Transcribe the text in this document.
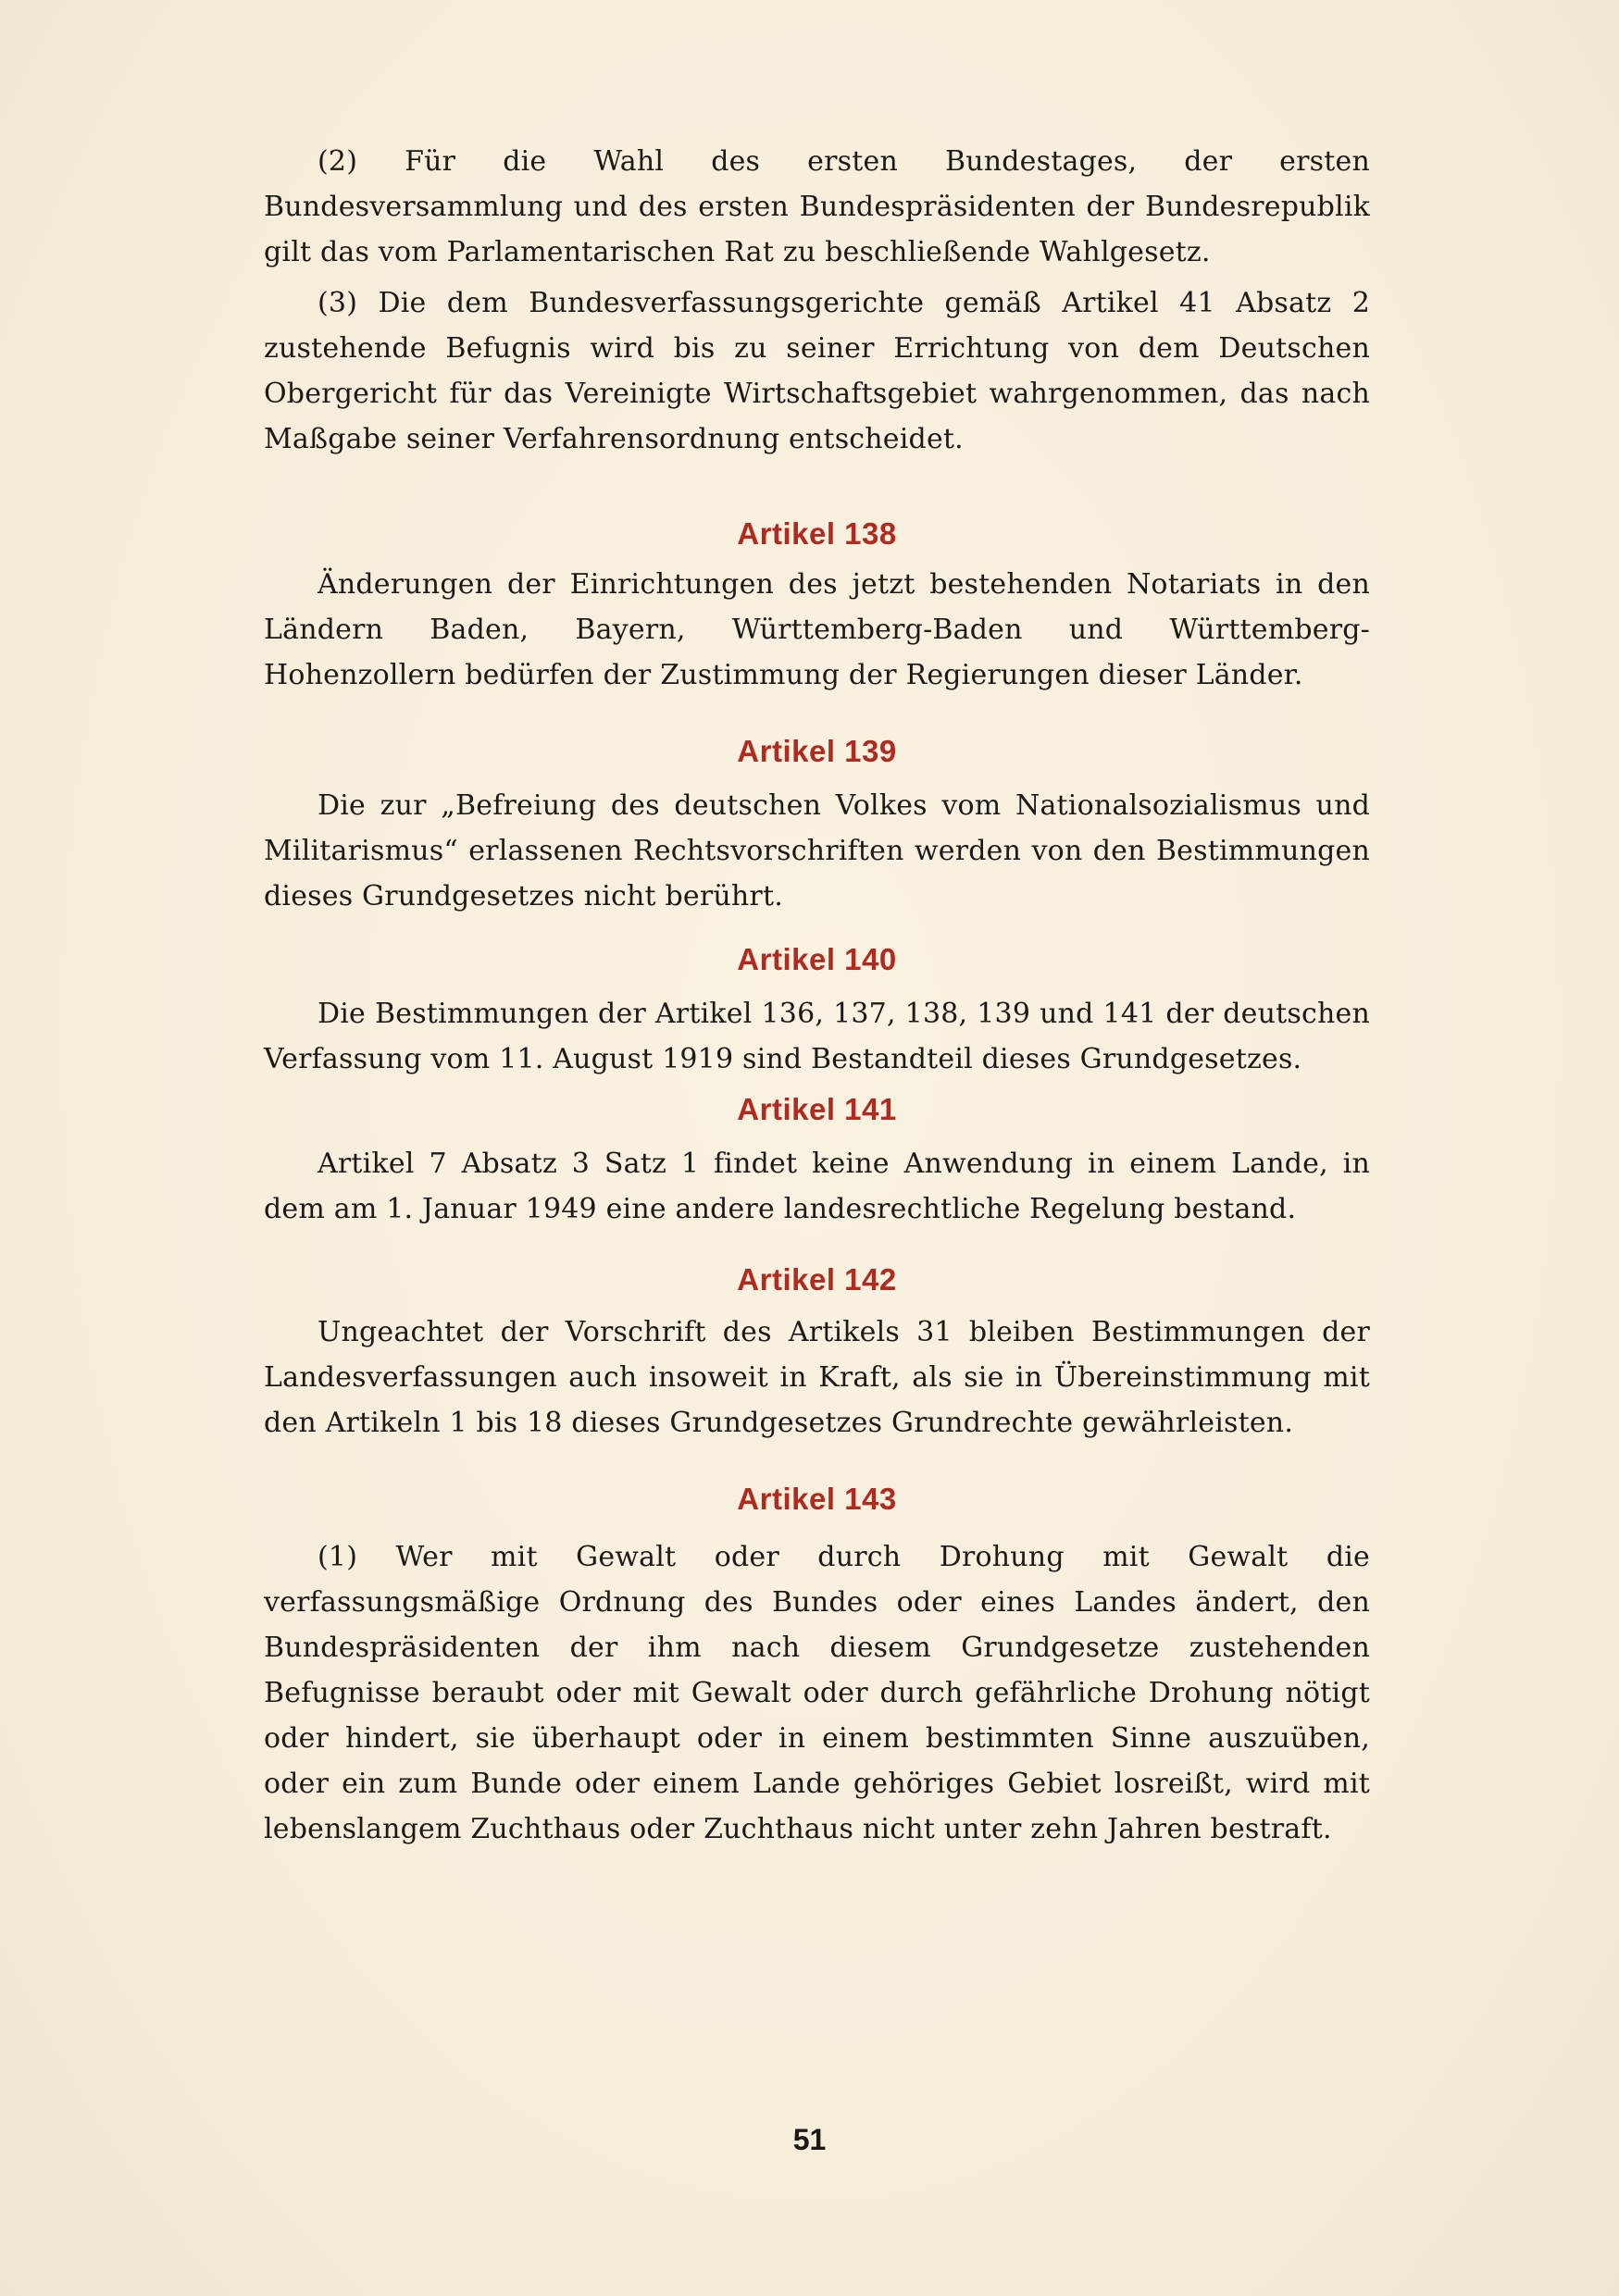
(2) Für die Wahl des ersten Bundestages, der ersten Bundesversammlung und des ersten Bundespräsidenten der Bundesrepublik gilt das vom Parlamentarischen Rat zu beschließende Wahlgesetz.

(3) Die dem Bundesverfassungsgerichte gemäß Artikel 41 Absatz 2 zustehende Befugnis wird bis zu seiner Errichtung von dem Deutschen Obergericht für das Vereinigte Wirtschaftsgebiet wahrgenommen, das nach Maßgabe seiner Verfahrensordnung entscheidet.

Artikel 138

Änderungen der Einrichtungen des jetzt bestehenden Notariats in den Ländern Baden, Bayern, Württemberg-Baden und Württemberg-Hohenzollern bedürfen der Zustimmung der Regierungen dieser Länder.

Artikel 139

Die zur „Befreiung des deutschen Volkes vom Nationalsozialismus und Militarismus“ erlassenen Rechtsvorschriften werden von den Bestimmungen dieses Grundgesetzes nicht berührt.

Artikel 140

Die Bestimmungen der Artikel 136, 137, 138, 139 und 141 der deutschen Verfassung vom 11. August 1919 sind Bestandteil dieses Grundgesetzes.

Artikel 141

Artikel 7 Absatz 3 Satz 1 findet keine Anwendung in einem Lande, in dem am 1. Januar 1949 eine andere landesrechtliche Regelung bestand.

Artikel 142

Ungeachtet der Vorschrift des Artikels 31 bleiben Bestimmungen der Landesverfassungen auch insoweit in Kraft, als sie in Übereinstimmung mit den Artikeln 1 bis 18 dieses Grundgesetzes Grundrechte gewährleisten.

Artikel 143

(1) Wer mit Gewalt oder durch Drohung mit Gewalt die verfassungsmäßige Ordnung des Bundes oder eines Landes ändert, den Bundespräsidenten der ihm nach diesem Grundgesetze zustehenden Befugnisse beraubt oder mit Gewalt oder durch gefährliche Drohung nötigt oder hindert, sie überhaupt oder in einem bestimmten Sinne auszuüben, oder ein zum Bunde oder einem Lande gehöriges Gebiet losreißt, wird mit lebenslangem Zuchthaus oder Zuchthaus nicht unter zehn Jahren bestraft.

51
